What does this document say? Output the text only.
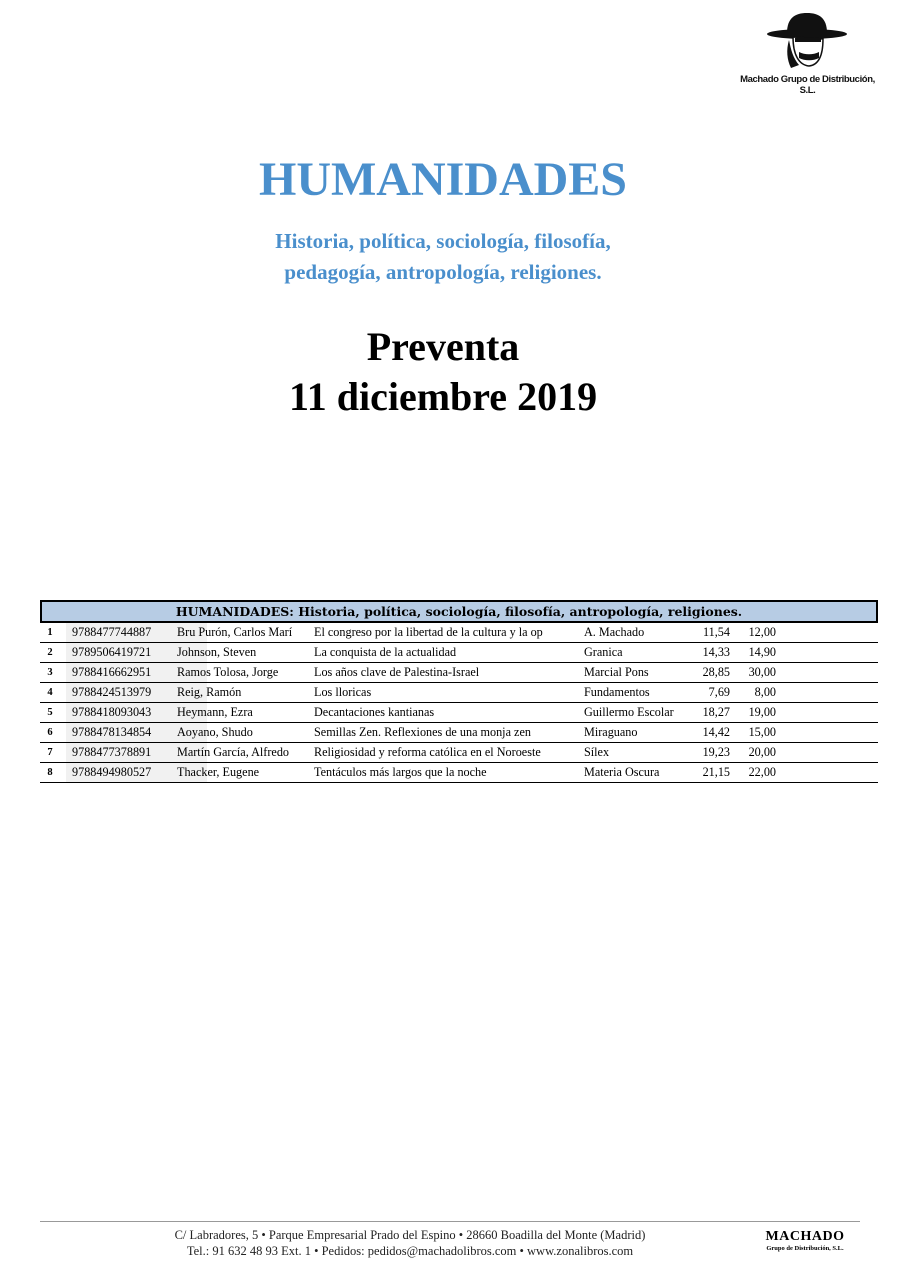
Machado Grupo de Distribución, S.L.
HUMANIDADES
Historia, política, sociología, filosofía,
pedagogía, antropología, religiones.
Preventa
11 diciembre 2019
HUMANIDADES: Historia, política, sociología, filosofía, antropología, religiones.
1	9788477744887	Bru Purón, Carlos Marí	El congreso por la libertad de la cultura y la op	A. Machado	11,54	12,00
2	9789506419721	Johnson, Steven	La conquista de la actualidad	Granica	14,33	14,90
3	9788416662951	Ramos Tolosa, Jorge	Los años clave de Palestina-Israel	Marcial Pons	28,85	30,00
4	9788424513979	Reig, Ramón	Los lloricas	Fundamentos	7,69	8,00
5	9788418093043	Heymann, Ezra	Decantaciones kantianas	Guillermo Escolar	18,27	19,00
6	9788478134854	Aoyano, Shudo	Semillas Zen. Reflexiones de una monja zen	Miraguano	14,42	15,00
7	9788477378891	Martín García, Alfredo	Religiosidad y reforma católica en el Noroeste	Sílex	19,23	20,00
8	9788494980527	Thacker, Eugene	Tentáculos más largos que la noche	Materia Oscura	21,15	22,00
C/ Labradores, 5 • Parque Empresarial Prado del Espino • 28660 Boadilla del Monte (Madrid)
Tel.: 91 632 48 93 Ext. 1 • Pedidos: pedidos@machadolibros.com • www.zonalibros.com
MACHADO
Grupo de Distribución, S.L.
